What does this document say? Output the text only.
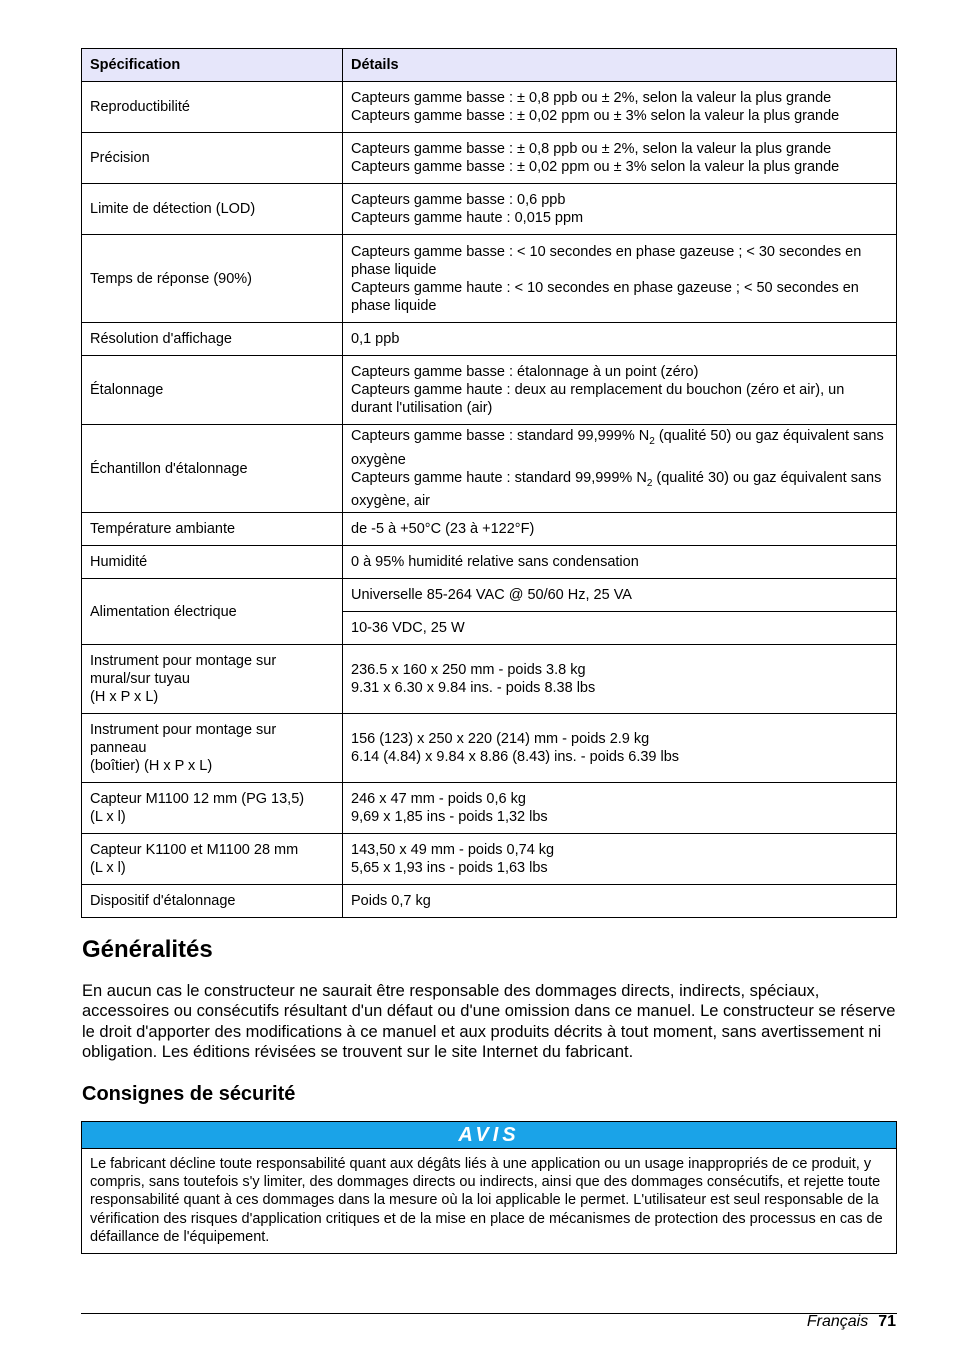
Spécification	Détails
Reproductibilité	Capteurs gamme basse : ± 0,8 ppb ou ± 2%, selon la valeur la plus grande
Capteurs gamme basse : ± 0,02 ppm ou ± 3% selon la valeur la plus grande

Précision	Capteurs gamme basse : ± 0,8 ppb ou ± 2%, selon la valeur la plus grande
Capteurs gamme basse : ± 0,02 ppm ou ± 3% selon la valeur la plus grande

Limite de détection (LOD)	Capteurs gamme basse : 0,6 ppb
Capteurs gamme haute : 0,015 ppm

Temps de réponse (90%)	Capteurs gamme basse : < 10 secondes en phase gazeuse ; < 30 secondes en phase liquide
Capteurs gamme haute : < 10 secondes en phase gazeuse ; < 50 secondes en phase liquide

Résolution d'affichage	0,1 ppb

Étalonnage	Capteurs gamme basse : étalonnage à un point (zéro)
Capteurs gamme haute : deux au remplacement du bouchon (zéro et air), un durant l'utilisation (air)

Échantillon d'étalonnage	Capteurs gamme basse : standard 99,999% $N_2$ (qualité 50) ou gaz équivalent sans oxygène
Capteurs gamme haute : standard 99,999% $N_2$ (qualité 30) ou gaz équivalent sans oxygène, air

Température ambiante	de -5 à +50°C (23 à +122°F)

Humidité	0 à 95% humidité relative sans condensation

Alimentation électrique	Universelle 85-264 VAC @ 50/60 Hz, 25 VA

	10-36 VDC, 25 W

Instrument pour montage sur mural/sur tuyau
(H x P x L)	236.5 x 160 x 250 mm - poids 3.8 kg
9.31 x 6.30 x 9.84 ins. - poids 8.38 lbs

Instrument pour montage sur panneau
(boîtier) (H x P x L)	156 (123) x 250 x 220 (214) mm - poids 2.9 kg
6.14 (4.84) x 9.84 x 8.86 (8.43) ins. - poids 6.39 lbs

Capteur M1100 12 mm (PG 13,5)
(L x l)	246 x 47 mm - poids 0,6 kg
9,69 x 1,85 ins - poids 1,32 lbs

Capteur K1100 et M1100 28 mm
(L x l)	143,50 x 49 mm - poids 0,74 kg
5,65 x 1,93 ins - poids 1,63 lbs

Dispositif d'étalonnage	Poids 0,7 kg
Généralités

En aucun cas le constructeur ne saurait être responsable des dommages directs, indirects, spéciaux, accessoires ou consécutifs résultant d'un défaut ou d'une omission dans ce manuel. Le constructeur se réserve le droit d'apporter des modifications à ce manuel et aux produits décrits à tout moment, sans avertissement ni obligation. Les éditions révisées se trouvent sur le site Internet du fabricant.

Consignes de sécurité
AVIS
Le fabricant décline toute responsabilité quant aux dégâts liés à une application ou un usage inappropriés de ce produit, y compris, sans toutefois s'y limiter, des dommages directs ou indirects, ainsi que des dommages consécutifs, et rejette toute responsabilité quant à ces dommages dans la mesure où la loi applicable le permet. L'utilisateur est seul responsable de la vérification des risques d'application critiques et de la mise en place de mécanismes de protection des processus en cas de défaillance de l'équipement.
Français 71
